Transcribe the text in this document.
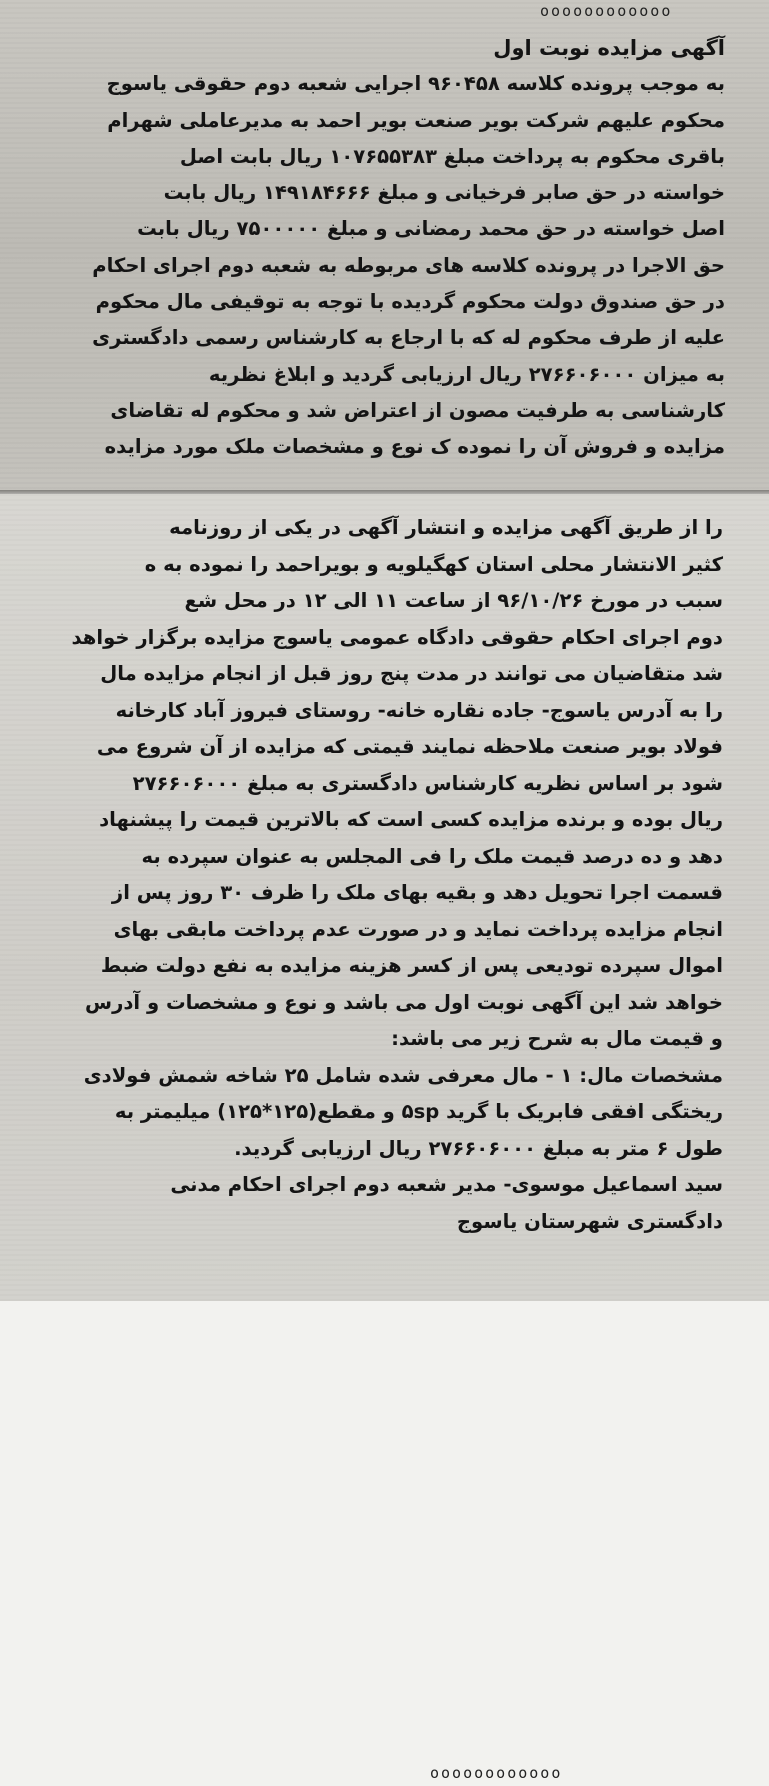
oooooooooooo
آگهی مزایده نوبت اول
به موجب پرونده کلاسه ۹۶۰۴۵۸ اجرایی شعبه دوم حقوقی یاسوج
محکوم علیهم شرکت بویر صنعت بویر احمد به مدیرعاملی شهرام
باقری محکوم به پرداخت مبلغ ۱۰۷۶۵۵۳۸۳ ریال بابت اصل
خواسته در حق صابر فرخیانی و مبلغ ۱۴۹۱۸۴۶۶۶ ریال بابت
اصل خواسته در حق محمد رمضانی و مبلغ ۷۵۰۰۰۰۰ ریال بابت
حق الاجرا در پرونده کلاسه های مربوطه به شعبه دوم اجرای احکام
در حق صندوق دولت محکوم گردیده با توجه به توقیفی مال محکوم
علیه از طرف محکوم له که با ارجاع به کارشناس رسمی دادگستری
به میزان ۲۷۶۶۰۶۰۰۰ ریال ارزیابی گردید و ابلاغ نظریه
کارشناسی به طرفیت مصون از اعتراض شد و محکوم له تقاضای
مزایده و فروش آن را نموده ک نوع و مشخصات ملک مورد مزایده
را از طریق آگهی مزایده و انتشار آگهی در یکی از روزنامه
کثیر الانتشار محلی استان کهگیلویه و بویراحمد را نموده به ه
سبب در مورخ ۹۶/۱۰/۲۶ از ساعت ۱۱ الی ۱۲ در محل شع
دوم اجرای احکام حقوقی دادگاه عمومی یاسوج مزایده برگزار خواهد
شد متقاضیان می توانند در مدت پنج روز قبل از انجام مزایده مال
را به آدرس یاسوج- جاده نقاره خانه- روستای فیروز آباد کارخانه
فولاد بویر صنعت ملاحظه نمایند قیمتی که مزایده از آن شروع می
شود بر اساس نظریه کارشناس دادگستری به مبلغ ۲۷۶۶۰۶۰۰۰
ریال بوده و برنده مزایده کسی است که بالاترین قیمت را پیشنهاد
دهد و ده درصد قیمت ملک را فی المجلس به عنوان سپرده به
قسمت اجرا تحویل دهد و بقیه بهای ملک را ظرف ۳۰ روز پس از
انجام مزایده پرداخت نماید و در صورت عدم پرداخت مابقی بهای
اموال سپرده تودیعی پس از کسر هزینه مزایده به نفع دولت ضبط
خواهد شد این آگهی نوبت اول می باشد و نوع و مشخصات و آدرس
و قیمت مال به شرح زیر می باشد:
مشخصات مال: ۱ - مال معرفی شده شامل ۲۵ شاخه شمش فولادی
ریختگی افقی فابریک با گرید ۵sp و مقطع(۱۲۵*۱۲۵) میلیمتر به
طول ۶ متر به مبلغ ۲۷۶۶۰۶۰۰۰ ریال ارزیابی گردید.
سید اسماعیل موسوی- مدیر شعبه دوم اجرای احکام مدنی
دادگستری شهرستان یاسوج
oooooooooooo
